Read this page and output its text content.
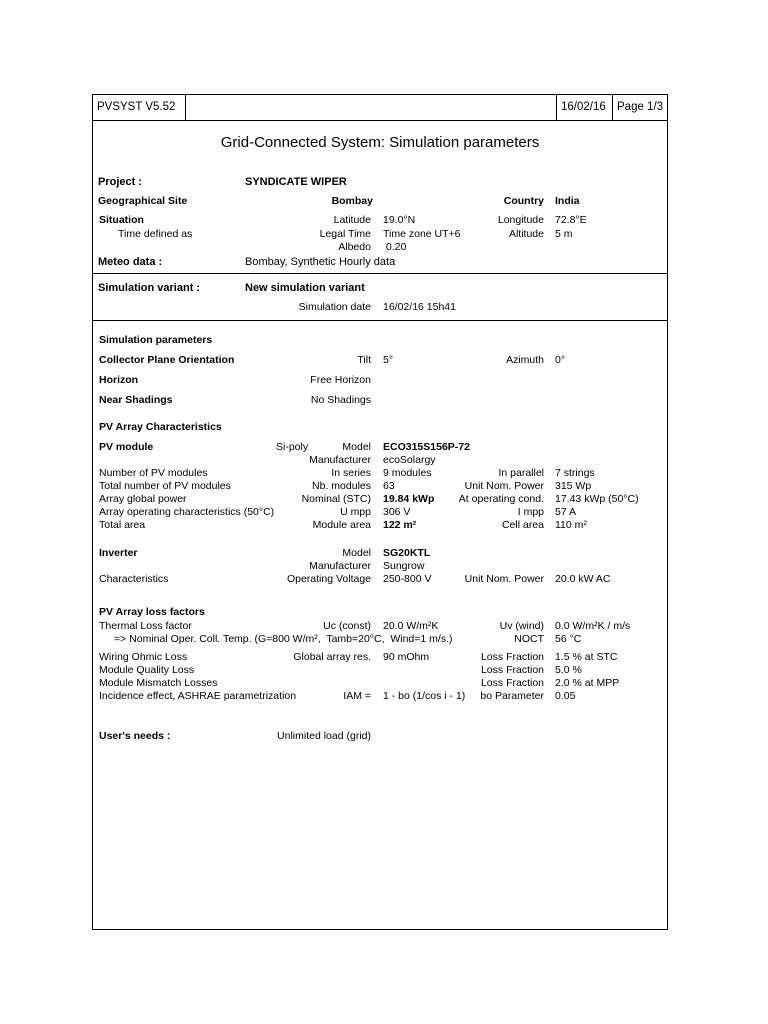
PVSYST V5.52	16/02/16 Page 1/3
Grid-Connected System: Simulation parameters
Project :	SYNDICATE WIPER
Geographical Site	Bombay	Country India
Situation	Latitude 19.0°N	Longitude 72.8°E
Time defined as	Legal Time Time zone UT+6	Altitude 5 m
Albedo 0.20
Meteo data :	Bombay, Synthetic Hourly data
Simulation variant :	New simulation variant
Simulation date 16/02/16 15h41
Simulation parameters
Collector Plane Orientation	Tilt 5°	Azimuth 0°
Horizon	Free Horizon
Near Shadings	No Shadings
PV Array Characteristics
PV module	Si-poly	Model ECO315S156P-72
Manufacturer ecoSolargy
Number of PV modules	In series 9 modules	In parallel 7 strings
Total number of PV modules	Nb. modules 63	Unit Nom. Power 315 Wp
Array global power	Nominal (STC) 19.84 kWp At operating cond. 17.43 kWp (50°C)
Array operating characteristics (50°C)	U mpp 306 V	I mpp 57 A
Total area	Module area 122 m²	Cell area 110 m²
Inverter	Model SG20KTL
Manufacturer Sungrow
Characteristics	Operating Voltage 250-800 V	Unit Nom. Power 20.0 kW AC
PV Array loss factors
Thermal Loss factor	Uc (const) 20.0 W/m²K	Uv (wind) 0.0 W/m²K / m/s
=> Nominal Oper. Coll. Temp. (G=800 W/m²,  Tamb=20°C,  Wind=1 m/s.)	NOCT 56 °C
Wiring Ohmic Loss	Global array res. 90 mOhm	Loss Fraction 1.5 % at STC
Module Quality Loss	Loss Fraction 5.0 %
Module Mismatch Losses	Loss Fraction 2.0 % at MPP
Incidence effect, ASHRAE parametrization	IAM = 1 - bo (1/cos i - 1) bo Parameter 0.05
User's needs :	Unlimited load (grid)
